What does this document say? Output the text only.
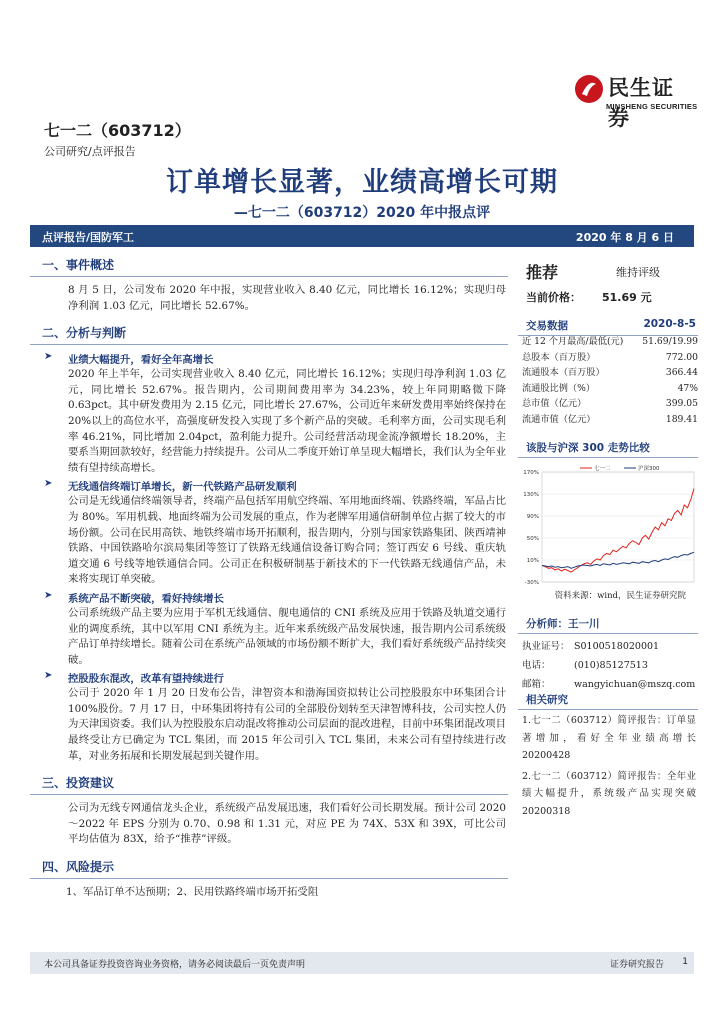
民生证券
MINSHENG SECURITIES
七一二（603712）
公司研究/点评报告
订单增长显著，业绩高增长可期
—七一二（603712）2020 年中报点评
点评报告/国防军工	2020 年 8 月 6 日
一、事件概述
8 月 5 日，公司发布 2020 年中报，实现营业收入 8.40 亿元，同比增长 16.12%；实现归母净利润 1.03 亿元，同比增长 52.67%。
二、分析与判断
➤ 业绩大幅提升，看好全年高增长
2020 年上半年，公司实现营业收入 8.40 亿元，同比增长 16.12%；实现归母净利润 1.03 亿元，同比增长 52.67%。报告期内，公司期间费用率为 34.23%，较上年同期略微下降 0.63pct。其中研发费用为 2.15 亿元，同比增长 27.67%，公司近年来研发费用率始终保持在 20%以上的高位水平，高强度研发投入实现了多个新产品的突破。毛利率方面，公司实现毛利率 46.21%，同比增加 2.04pct，盈利能力提升。公司经营活动现金流净额增长 18.20%，主要系当期回款较好，经营能力持续提升。公司从二季度开始订单呈现大幅增长，我们认为全年业绩有望持续高增长。
➤ 无线通信终端订单增长，新一代铁路产品研发顺利
公司是无线通信终端领导者，终端产品包括军用航空终端、军用地面终端、铁路终端，军品占比为 80%。军用机载、地面终端为公司发展的重点，作为老牌军用通信研制单位占据了较大的市场份额。公司在民用高铁、地铁终端市场开拓顺利，报告期内，分别与国家铁路集团、陕西靖神铁路、中国铁路哈尔滨局集团等签订了铁路无线通信设备订购合同；签订西安 6 号线、重庆轨道交通 6 号线等地铁通信合同。公司正在积极研制基于新技术的下一代铁路无线通信产品，未来将实现订单突破。
➤ 系统产品不断突破，看好持续增长
公司系统级产品主要为应用于军机无线通信、舰电通信的 CNI 系统及应用于铁路及轨道交通行业的调度系统，其中以军用 CNI 系统为主。近年来系统级产品发展快速，报告期内公司系统级产品订单持续增长。随着公司在系统产品领域的市场份额不断扩大，我们看好系统级产品持续突破。
➤ 控股股东混改，改革有望持续进行
公司于 2020 年 1 月 20 日发布公告，津智资本和渤海国资拟转让公司控股股东中环集团合计 100%股份。7 月 17 日，中环集团将持有公司的全部股份划转至天津智博科技，公司实控人仍为天津国资委。我们认为控股股东启动混改将推动公司层面的混改进程，目前中环集团混改项目最终受让方已确定为 TCL 集团，而 2015 年公司引入 TCL 集团，未来公司有望持续进行改革，对业务拓展和长期发展起到关键作用。
三、投资建议
公司为无线专网通信龙头企业，系统级产品发展迅速，我们看好公司长期发展。预计公司 2020～2022 年 EPS 分别为 0.70、0.98 和 1.31 元，对应 PE 为 74X、53X 和 39X，可比公司平均估值为 83X，给予“推荐”评级。
四、风险提示
1、军品订单不达预期；2、民用铁路终端市场开拓受阻
推荐	维持评级
当前价格： 51.69 元
交易数据	2020-8-5
近 12 个月最高/最低(元) 51.69/19.99
总股本（百万股）	772.00
流通股本（百万股）	366.44
流通股比例（%）	47%
总市值（亿元）	399.05
流通市值（亿元）	189.41
该股与沪深 300 走势比较
170%
130%
90%
50%
10%
-30%
七一二	沪深300
资料来源：wind，民生证券研究院
分析师：王一川
执业证号： S0100518020001
电话：	(010)85127513
邮箱：	wangyichuan@mszq.com
相关研究

1.七一二（603712）简评报告：订单显著增加，看好全年业绩高增长 20200428

2.七一二（603712）简评报告：全年业绩大幅提升，系统级产品实现突破 20200318

本公司具备证券投资咨询业务资格，请务必阅读最后一页免责声明	证券研究报告 1
